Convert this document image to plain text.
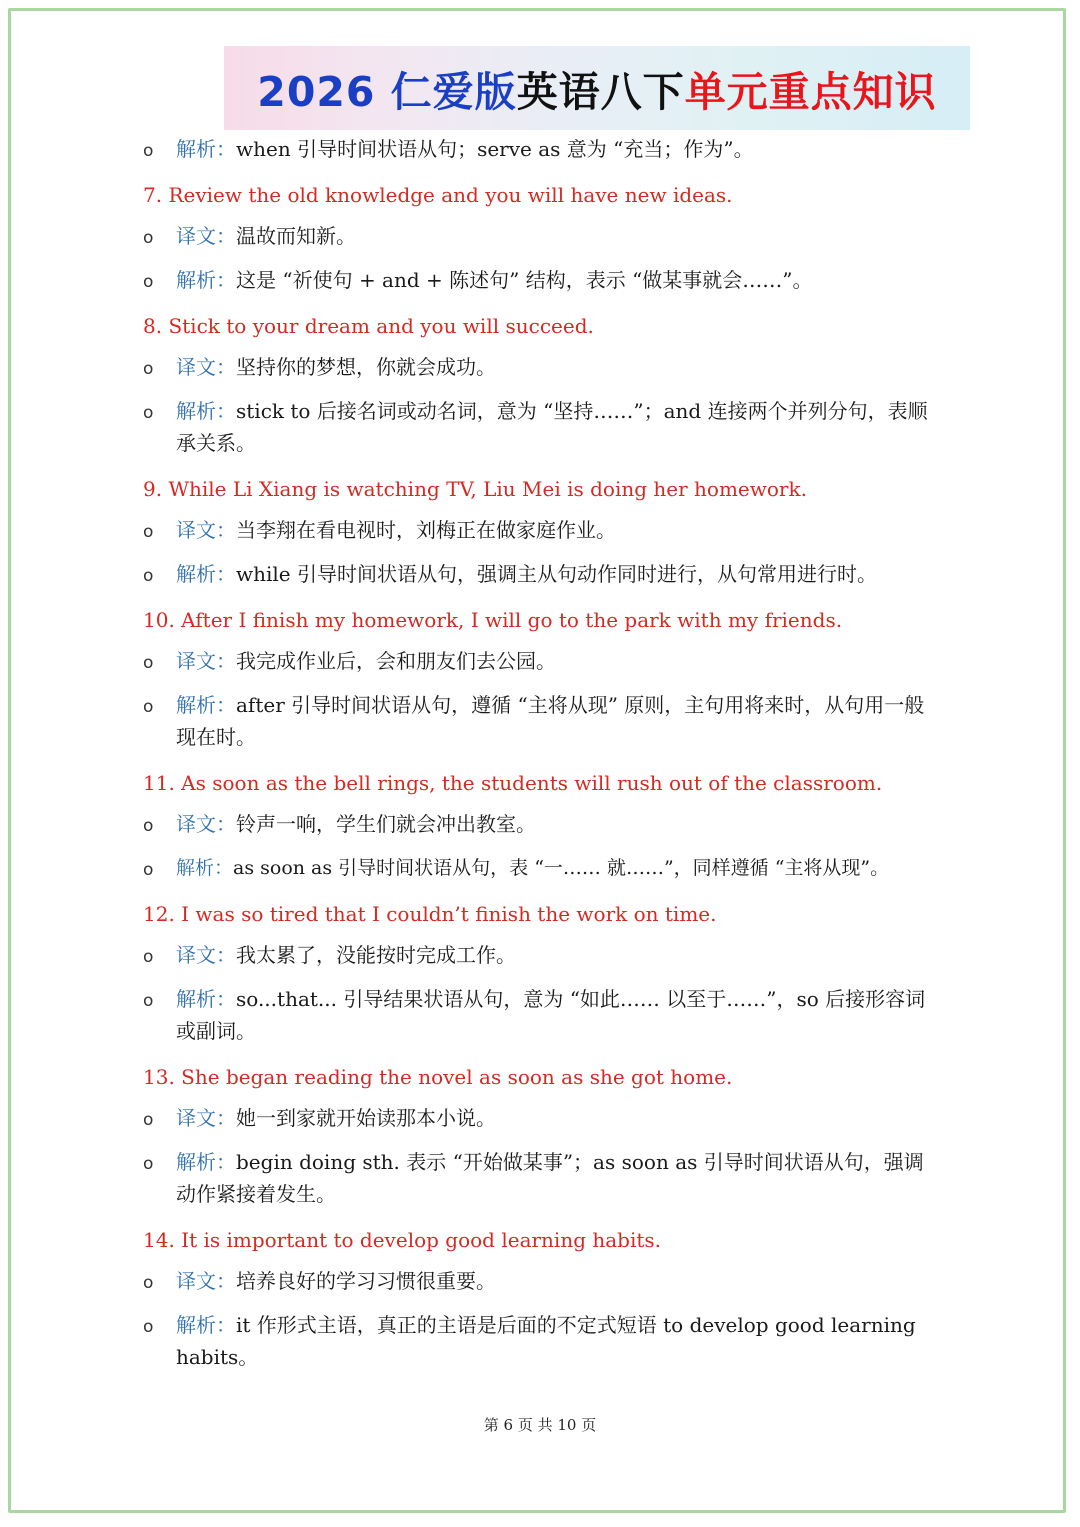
2026 仁爱版英语八下单元重点知识
o 解析：when 引导时间状语从句；serve as 意为 “充当；作为”。
7. Review the old knowledge and you will have new ideas.
o 译文：温故而知新。
o 解析：这是 “祈使句 + and + 陈述句” 结构，表示 “做某事就会……”。
8. Stick to your dream and you will succeed.
o 译文：坚持你的梦想，你就会成功。
o 解析：stick to 后接名词或动名词，意为 “坚持……”；and 连接两个并列分句，表顺承关系。
9. While Li Xiang is watching TV, Liu Mei is doing her homework.
o 译文：当李翔在看电视时，刘梅正在做家庭作业。
o 解析：while 引导时间状语从句，强调主从句动作同时进行，从句常用进行时。
10. After I finish my homework, I will go to the park with my friends.
o 译文：我完成作业后，会和朋友们去公园。
o 解析：after 引导时间状语从句，遵循 “主将从现” 原则，主句用将来时，从句用一般现在时。
11. As soon as the bell rings, the students will rush out of the classroom.
o 译文：铃声一响，学生们就会冲出教室。
o 解析：as soon as 引导时间状语从句，表 “一…… 就……”，同样遵循 “主将从现”。
12. I was so tired that I couldn’t finish the work on time.
o 译文：我太累了，没能按时完成工作。
o 解析：so...that... 引导结果状语从句，意为 “如此…… 以至于……”，so 后接形容词或副词。
13. She began reading the novel as soon as she got home.
o 译文：她一到家就开始读那本小说。
o 解析：begin doing sth. 表示 “开始做某事”；as soon as 引导时间状语从句，强调动作紧接着发生。
14. It is important to develop good learning habits.
o 译文：培养良好的学习习惯很重要。
o 解析：it 作形式主语，真正的主语是后面的不定式短语 to develop good learning habits。
第 6 页 共 10 页
